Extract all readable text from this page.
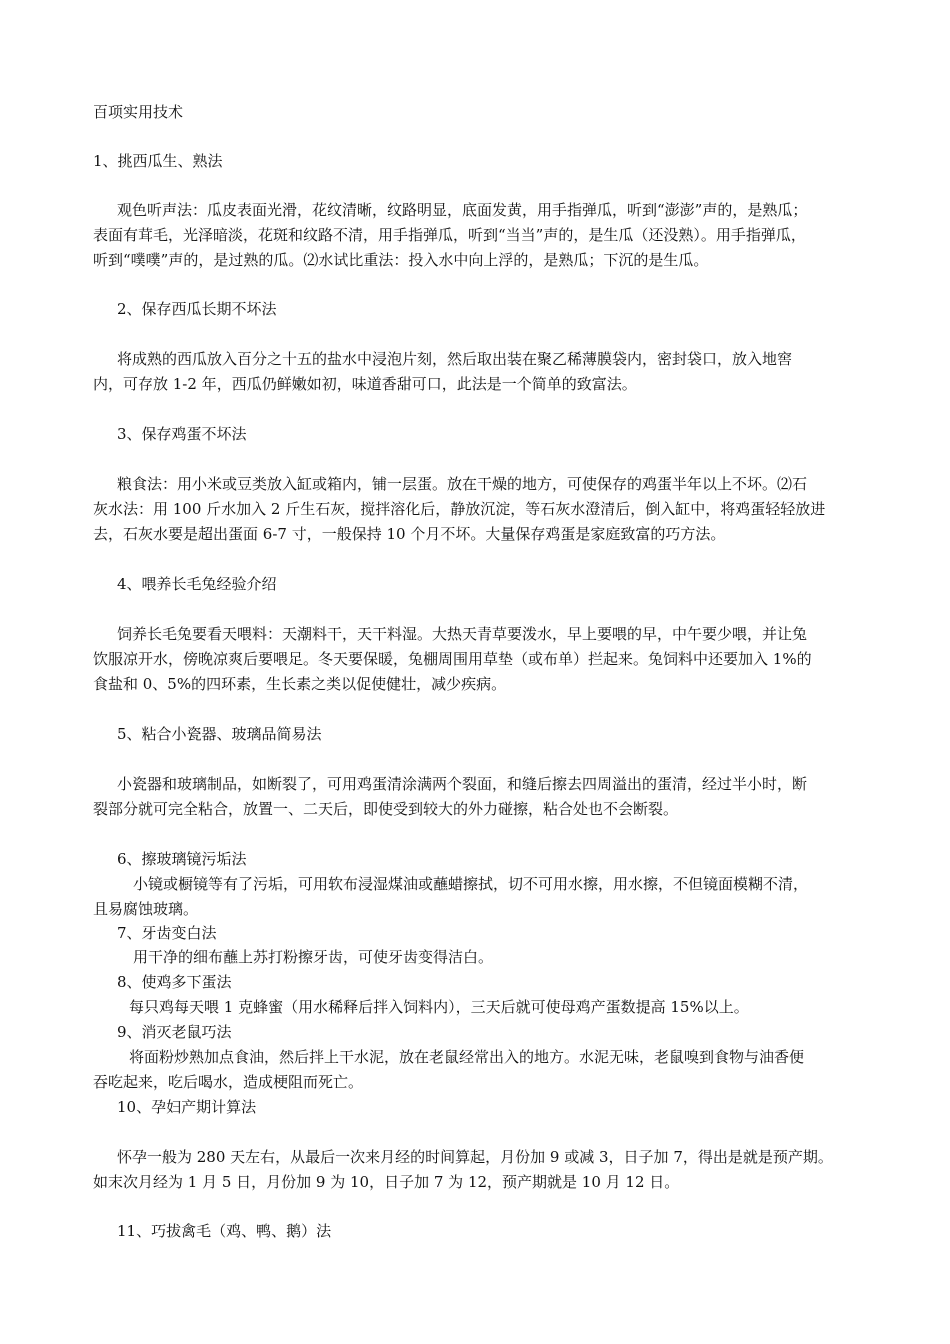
百项实用技术
1、挑西瓜生、熟法
观色听声法：瓜皮表面光滑，花纹清晰，纹路明显，底面发黄，用手指弹瓜，听到“澎澎”声的，是熟瓜；
表面有茸毛，光泽暗淡，花斑和纹路不清，用手指弹瓜，听到“当当”声的，是生瓜（还没熟）。用手指弹瓜，
听到“噗噗”声的，是过熟的瓜。⑵水试比重法：投入水中向上浮的，是熟瓜；下沉的是生瓜。
2、保存西瓜长期不坏法
将成熟的西瓜放入百分之十五的盐水中浸泡片刻，然后取出装在聚乙稀薄膜袋内，密封袋口，放入地窖
内，可存放 1-2 年，西瓜仍鲜嫩如初，味道香甜可口，此法是一个简单的致富法。
3、保存鸡蛋不坏法
粮食法：用小米或豆类放入缸或箱内，铺一层蛋。放在干燥的地方，可使保存的鸡蛋半年以上不坏。⑵石
灰水法：用 100 斤水加入 2 斤生石灰，搅拌溶化后，静放沉淀，等石灰水澄清后，倒入缸中，将鸡蛋轻轻放进
去，石灰水要是超出蛋面 6-7 寸，一般保持 10 个月不坏。大量保存鸡蛋是家庭致富的巧方法。
4、喂养长毛兔经验介绍
饲养长毛兔要看天喂料：天潮料干，天干料湿。大热天青草要泼水，早上要喂的早，中午要少喂，并让兔
饮服凉开水，傍晚凉爽后要喂足。冬天要保暖，兔棚周围用草垫（或布单）拦起来。兔饲料中还要加入 1%的
食盐和 0、5%的四环素，生长素之类以促使健壮，减少疾病。
5、粘合小瓷器、玻璃品简易法
小瓷器和玻璃制品，如断裂了，可用鸡蛋清涂满两个裂面，和缝后擦去四周溢出的蛋清，经过半小时，断
裂部分就可完全粘合，放置一、二天后，即使受到较大的外力碰擦，粘合处也不会断裂。
6、擦玻璃镜污垢法
小镜或橱镜等有了污垢，可用软布浸湿煤油或蘸蜡擦拭，切不可用水擦，用水擦，不但镜面模糊不清，
且易腐蚀玻璃。
7、牙齿变白法
用干净的细布蘸上苏打粉擦牙齿，可使牙齿变得洁白。
8、使鸡多下蛋法
每只鸡每天喂 1 克蜂蜜（用水稀释后拌入饲料内），三天后就可使母鸡产蛋数提高 15%以上。
9、消灭老鼠巧法
将面粉炒熟加点食油，然后拌上干水泥，放在老鼠经常出入的地方。水泥无味，老鼠嗅到食物与油香便
吞吃起来，吃后喝水，造成梗阻而死亡。
10、孕妇产期计算法
怀孕一般为 280 天左右，从最后一次来月经的时间算起，月份加 9 或减 3，日子加 7，得出是就是预产期。
如末次月经为 1 月 5 日，月份加 9 为 10，日子加 7 为 12，预产期就是 10 月 12 日。
11、巧拔禽毛（鸡、鸭、鹅）法
